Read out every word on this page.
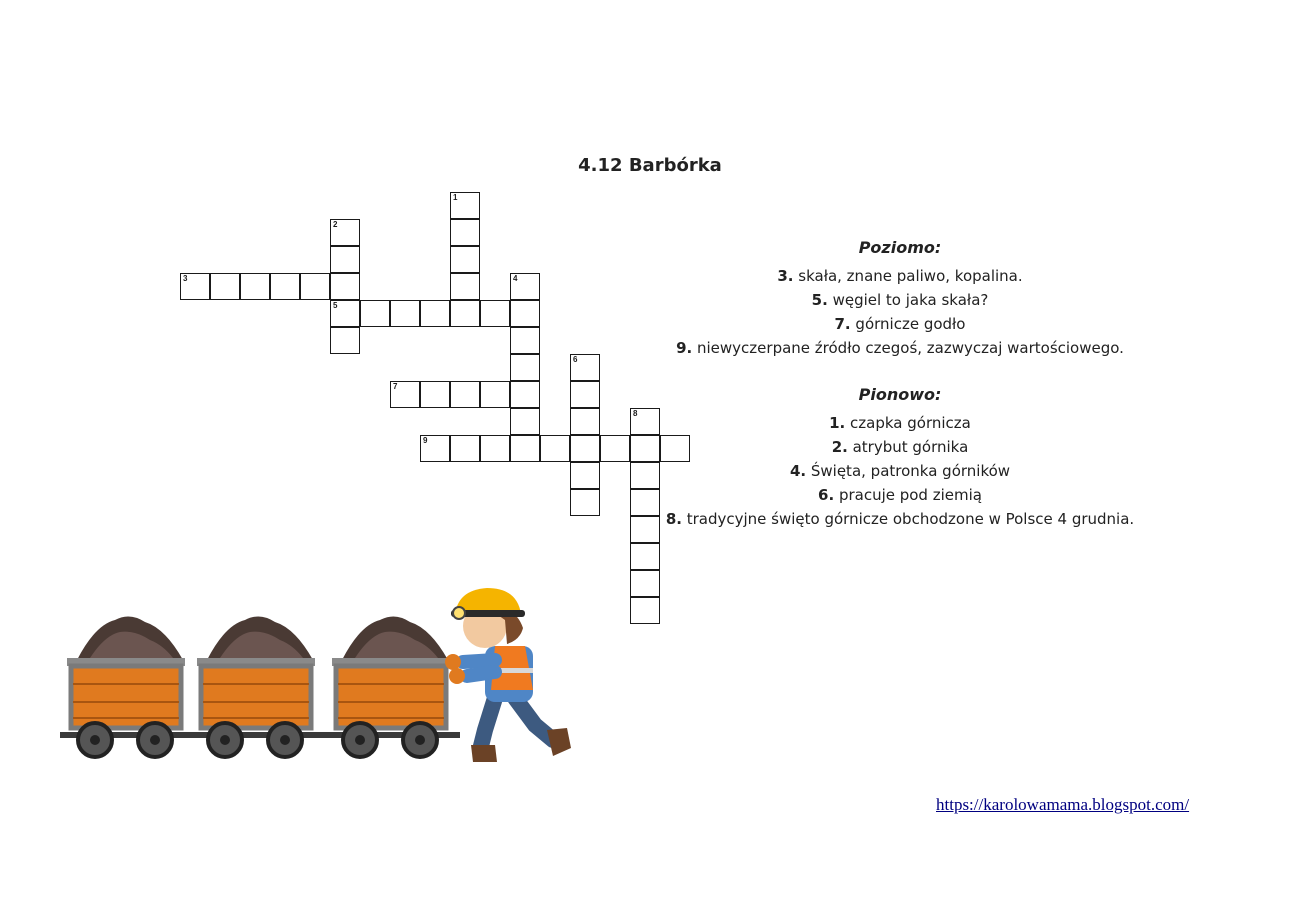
4.12 Barbórka
3
5
7
9
1
2
4
6
8
Poziomo:

3. skała, znane paliwo, kopalina.

5. węgiel to jaka skała?

7. górnicze godło

9. niewyczerpane źródło czegoś, zazwyczaj wartościowego.

Pionowo:

1. czapka górnicza

2. atrybut górnika

4. Święta, patronka górników

6. pracuje pod ziemią

8. tradycyjne święto górnicze obchodzone w Polsce 4 grudnia.

https://karolowamama.blogspot.com/
